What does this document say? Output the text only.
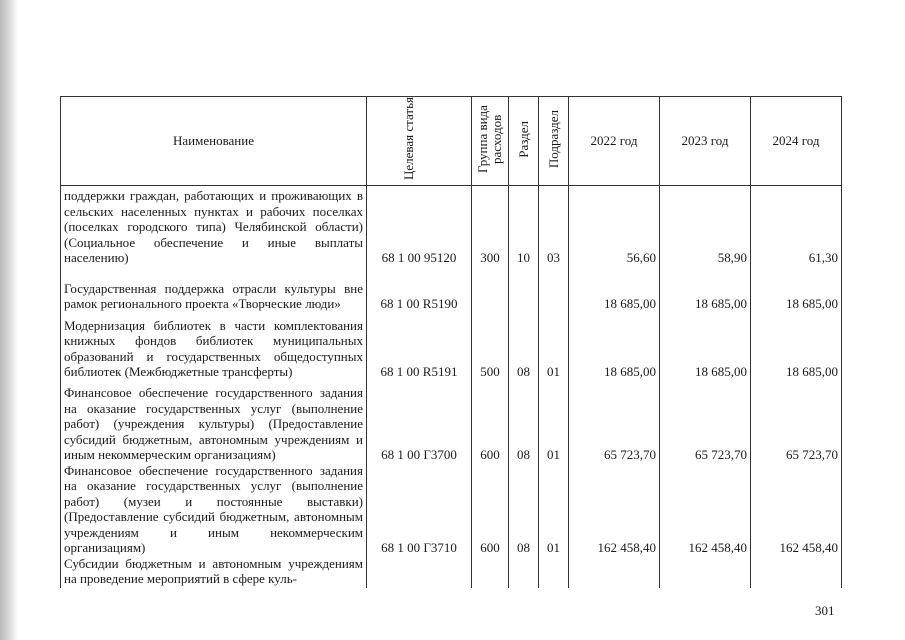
Наименование	Целевая статья	Группа вида расходов	Раздел	Подраздел	2022 год	2023 год	2024 год
поддержки граждан, работающих и проживающих в сельских населенных пунктах и рабочих поселках (поселках городского типа) Челябинской области) (Социальное обеспечение и иные выплаты населению)	68 1 00 95120	300	10	03	56,60	58,90	61,30
Государственная поддержка отрасли культуры вне рамок регионального проекта «Творческие люди»	68 1 00 R5190				18 685,00	18 685,00	18 685,00
Модернизация библиотек в части комплектования книжных фондов библиотек муниципальных образований и государственных общедоступных библиотек (Межбюджетные трансферты)	68 1 00 R5191	500	08	01	18 685,00	18 685,00	18 685,00
Финансовое обеспечение государственного задания на оказание государственных услуг (выполнение работ) (учреждения культуры) (Предоставление субсидий бюджетным, автономным учреждениям и иным некоммерческим организациям)	68 1 00 Г3700	600	08	01	65 723,70	65 723,70	65 723,70
Финансовое обеспечение государственного задания на оказание государственных услуг (выполнение работ) (музеи и постоянные выставки) (Предоставление субсидий бюджетным, автономным учреждениям и иным некоммерческим организациям)	68 1 00 Г3710	600	08	01	162 458,40	162 458,40	162 458,40
Субсидии бюджетным и автономным учреждениям на проведение мероприятий в сфере куль-							
301
